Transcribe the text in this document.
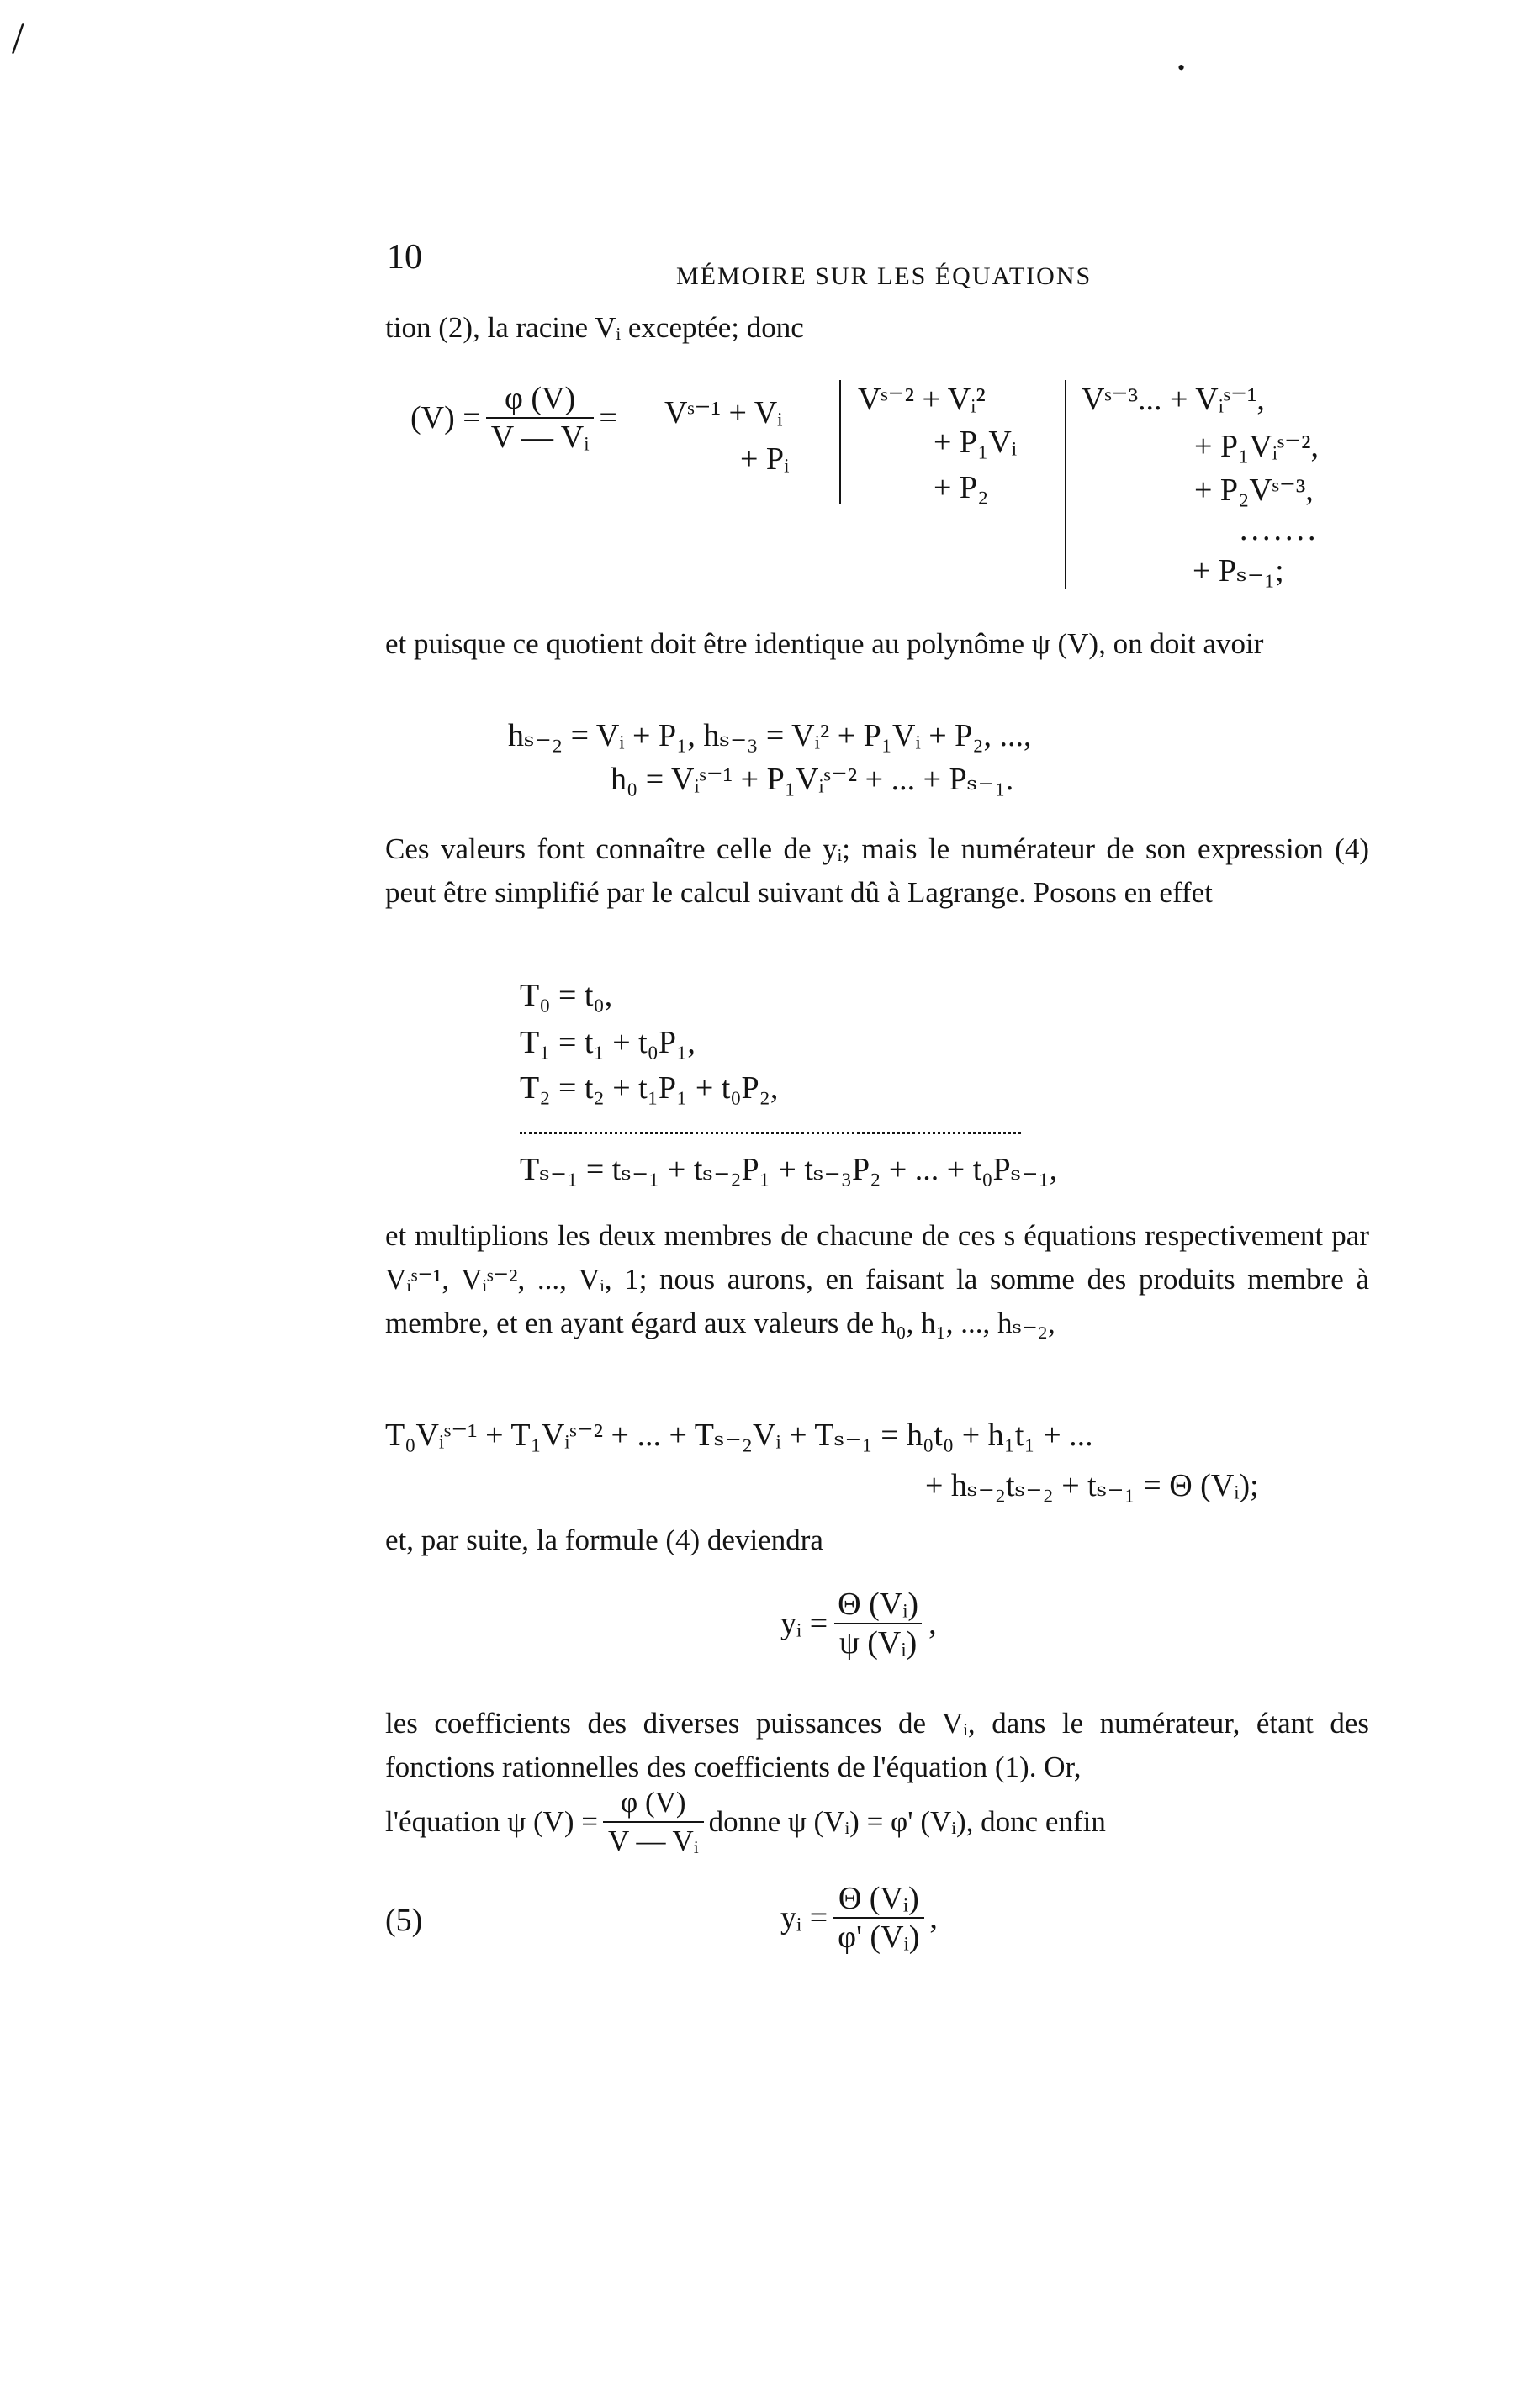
/
•
10	MÉMOIRE SUR LES ÉQUATIONS
tion (2), la racine Vᵢ exceptée; donc
$(V) = \frac{\varphi (V)}{\text{V — Vᵢ}}$ = Vˢ⁻¹ + Vᵢ
+ Pᵢ
Vˢ⁻² + Vᵢ²
+ P₁Vᵢ
+ P₂
Vˢ⁻³... + Vᵢˢ⁻¹,
+ P₁Vᵢˢ⁻²,
+ P₂Vˢ⁻³,
.......
+ Pₛ₋₁;
et puisque ce quotient doit être identique au polynôme ψ (V), on doit avoir
hₛ₋₂ = Vᵢ + P₁, hₛ₋₃ = Vᵢ² + P₁Vᵢ + P₂, ...,
h₀ = Vᵢˢ⁻¹ + P₁Vᵢˢ⁻² + ... + Pₛ₋₁.
Ces valeurs font connaître celle de yᵢ; mais le numérateur de son expression (4) peut être simplifié par le calcul suivant dû à Lagrange. Posons en effet
T₀ = t₀,
T₁ = t₁ + t₀P₁,
T₂ = t₂ + t₁P₁ + t₀P₂,
Tₛ₋₁ = tₛ₋₁ + tₛ₋₂P₁ + tₛ₋₃P₂ + ... + t₀Pₛ₋₁,
et multiplions les deux membres de chacune de ces s équations respectivement par Vᵢˢ⁻¹, Vᵢˢ⁻², ..., Vᵢ, 1; nous aurons, en faisant la somme des produits membre à membre, et en ayant égard aux valeurs de h₀, h₁, ..., hₛ₋₂,
T₀Vᵢˢ⁻¹ + T₁Vᵢˢ⁻² + ... + Tₛ₋₂Vᵢ + Tₛ₋₁ = h₀t₀ + h₁t₁ + ...
+ hₛ₋₂tₛ₋₂ + tₛ₋₁ = Θ (Vᵢ);
et, par suite, la formule (4) deviendra
yᵢ = $\frac{\text{Θ (Vᵢ)}}{\text{ψ (Vᵢ)}}$ ,
les coefficients des diverses puissances de Vᵢ, dans le numérateur, étant des fonctions rationnelles des coefficients de l'équation (1). Or,
l'équation ψ $(V) = \frac{\varphi (V)}{\text{V — Vᵢ}}$ donne ψ (Vᵢ) = φ' (Vᵢ), donc enfin
(5)	yᵢ = $\frac{\text{Θ (Vᵢ)}}{\text{φ' (Vᵢ)}}$ ,
